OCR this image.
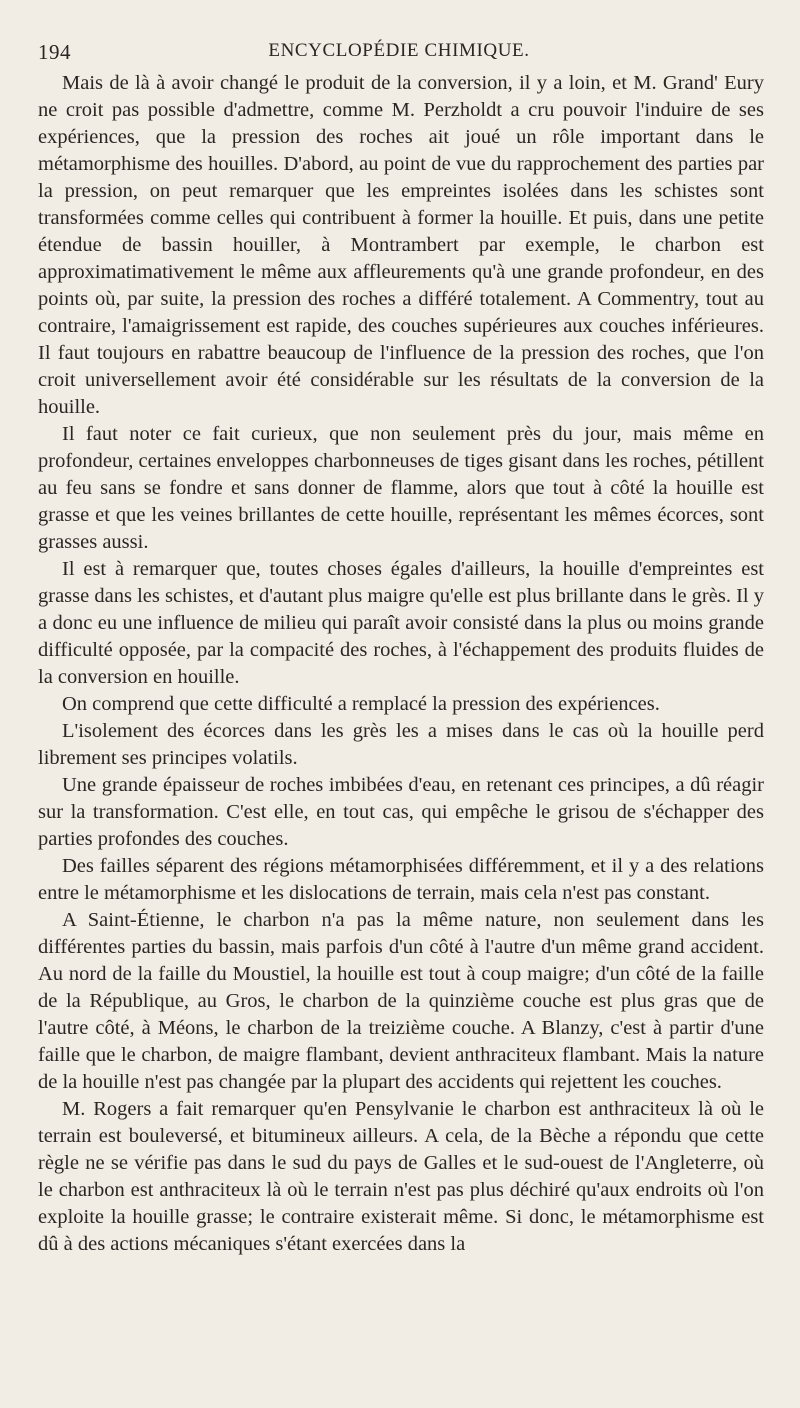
194	ENCYCLOPÉDIE CHIMIQUE.

Mais de là à avoir changé le produit de la conversion, il y a loin, et M. Grand' Eury ne croit pas possible d'admettre, comme M. Perzholdt a cru pouvoir l'induire de ses expériences, que la pression des roches ait joué un rôle important dans le métamorphisme des houilles. D'abord, au point de vue du rapprochement des parties par la pression, on peut remarquer que les empreintes isolées dans les schistes sont transformées comme celles qui contribuent à former la houille. Et puis, dans une petite étendue de bassin houiller, à Montrambert par exemple, le charbon est approximatimativement le même aux affleurements qu'à une grande profondeur, en des points où, par suite, la pression des roches a différé totalement. A Commentry, tout au contraire, l'amaigrissement est rapide, des couches supérieures aux couches inférieures. Il faut toujours en rabattre beaucoup de l'influence de la pression des roches, que l'on croit universellement avoir été considérable sur les résultats de la conversion de la houille.

Il faut noter ce fait curieux, que non seulement près du jour, mais même en profondeur, certaines enveloppes charbonneuses de tiges gisant dans les roches, pétillent au feu sans se fondre et sans donner de flamme, alors que tout à côté la houille est grasse et que les veines brillantes de cette houille, représentant les mêmes écorces, sont grasses aussi.

Il est à remarquer que, toutes choses égales d'ailleurs, la houille d'empreintes est grasse dans les schistes, et d'autant plus maigre qu'elle est plus brillante dans le grès. Il y a donc eu une influence de milieu qui paraît avoir consisté dans la plus ou moins grande difficulté opposée, par la compacité des roches, à l'échappement des produits fluides de la conversion en houille.

On comprend que cette difficulté a remplacé la pression des expériences.

L'isolement des écorces dans les grès les a mises dans le cas où la houille perd librement ses principes volatils.

Une grande épaisseur de roches imbibées d'eau, en retenant ces principes, a dû réagir sur la transformation. C'est elle, en tout cas, qui empêche le grisou de s'échapper des parties profondes des couches.

Des failles séparent des régions métamorphisées différemment, et il y a des relations entre le métamorphisme et les dislocations de terrain, mais cela n'est pas constant.

A Saint-Étienne, le charbon n'a pas la même nature, non seulement dans les différentes parties du bassin, mais parfois d'un côté à l'autre d'un même grand accident. Au nord de la faille du Moustiel, la houille est tout à coup maigre; d'un côté de la faille de la République, au Gros, le charbon de la quinzième couche est plus gras que de l'autre côté, à Méons, le charbon de la treizième couche. A Blanzy, c'est à partir d'une faille que le charbon, de maigre flambant, devient anthraciteux flambant. Mais la nature de la houille n'est pas changée par la plupart des accidents qui rejettent les couches.

M. Rogers a fait remarquer qu'en Pensylvanie le charbon est anthraciteux là où le terrain est bouleversé, et bitumineux ailleurs. A cela, de la Bèche a répondu que cette règle ne se vérifie pas dans le sud du pays de Galles et le sud-ouest de l'Angleterre, où le charbon est anthraciteux là où le terrain n'est pas plus déchiré qu'aux endroits où l'on exploite la houille grasse; le contraire existerait même. Si donc, le métamorphisme est dû à des actions mécaniques s'étant exercées dans la
